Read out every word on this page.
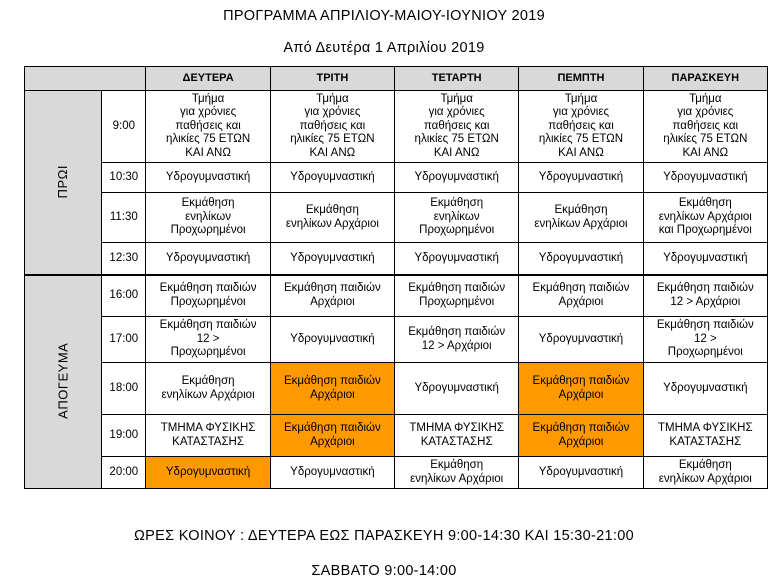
ΠΡΟΓΡΑΜΜΑ ΑΠΡΙΛΙΟΥ-ΜΑΙΟΥ-ΙΟΥΝΙΟΥ 2019
Από Δευτέρα 1 Απριλίου 2019
		ΔΕΥΤΕΡΑ	ΤΡΙΤΗ	ΤΕΤΑΡΤΗ	ΠΕΜΠΤΗ	ΠΑΡΑΣΚΕΥΗ
ΠΡΩΙ	9:00	Τμήμα
για χρόνιες
παθήσεις και
ηλικίες 75 ΕΤΩΝ
ΚΑΙ ΑΝΩ	Τμήμα
για χρόνιες
παθήσεις και
ηλικίες 75 ΕΤΩΝ
ΚΑΙ ΑΝΩ	Τμήμα
για χρόνιες
παθήσεις και
ηλικίες 75 ΕΤΩΝ
ΚΑΙ ΑΝΩ	Τμήμα
για χρόνιες
παθήσεις και
ηλικίες 75 ΕΤΩΝ
ΚΑΙ ΑΝΩ	Τμήμα
για χρόνιες
παθήσεις και
ηλικίες 75 ΕΤΩΝ
ΚΑΙ ΑΝΩ

	10:30	Υδρογυμναστική	Υδρογυμναστική	Υδρογυμναστική	Υδρογυμναστική	Υδρογυμναστική

	11:30	Εκμάθηση
ενηλίκων
Προχωρημένοι	Εκμάθηση
ενηλίκων Αρχάριοι	Εκμάθηση
ενηλίκων
Προχωρημένοι	Εκμάθηση
ενηλίκων Αρχάριοι	Εκμάθηση
ενηλίκων Αρχάριοι
και Προχωρημένοι

	12:30	Υδρογυμναστική	Υδρογυμναστική	Υδρογυμναστική	Υδρογυμναστική	Υδρογυμναστική

ΑΠΟΓΕΥΜΑ	16:00	Εκμάθηση παιδιών
Προχωρημένοι	Εκμάθηση παιδιών
Αρχάριοι	Εκμάθηση παιδιών
Προχωρημένοι	Εκμάθηση παιδιών
Αρχάριοι	Εκμάθηση παιδιών
12 > Αρχάριοι

	17:00	Εκμάθηση παιδιών
12 >
Προχωρημένοι	Υδρογυμναστική	Εκμάθηση παιδιών
12 > Αρχάριοι	Υδρογυμναστική	Εκμάθηση παιδιών
12 >
Προχωρημένοι

	18:00	Εκμάθηση
ενηλίκων Αρχάριοι	Εκμάθηση παιδιών
Αρχάριοι	Υδρογυμναστική	Εκμάθηση παιδιών
Αρχάριοι	Υδρογυμναστική

	19:00	ΤΜΗΜΑ ΦΥΣΙΚΗΣ
ΚΑΤΑΣΤΑΣΗΣ	Εκμάθηση παιδιών
Αρχάριοι	ΤΜΗΜΑ ΦΥΣΙΚΗΣ
ΚΑΤΑΣΤΑΣΗΣ	Εκμάθηση παιδιών
Αρχάριοι	ΤΜΗΜΑ ΦΥΣΙΚΗΣ
ΚΑΤΑΣΤΑΣΗΣ

	20:00	Υδρογυμναστική	Υδρογυμναστική	Εκμάθηση
ενηλίκων Αρχάριοι	Υδρογυμναστική	Εκμάθηση
ενηλίκων Αρχάριοι
ΩΡΕΣ ΚΟΙΝΟΥ : ΔΕΥΤΕΡΑ ΕΩΣ ΠΑΡΑΣΚΕΥΗ 9:00-14:30 ΚΑΙ 15:30-21:00
ΣΑΒΒΑΤΟ 9:00-14:00
